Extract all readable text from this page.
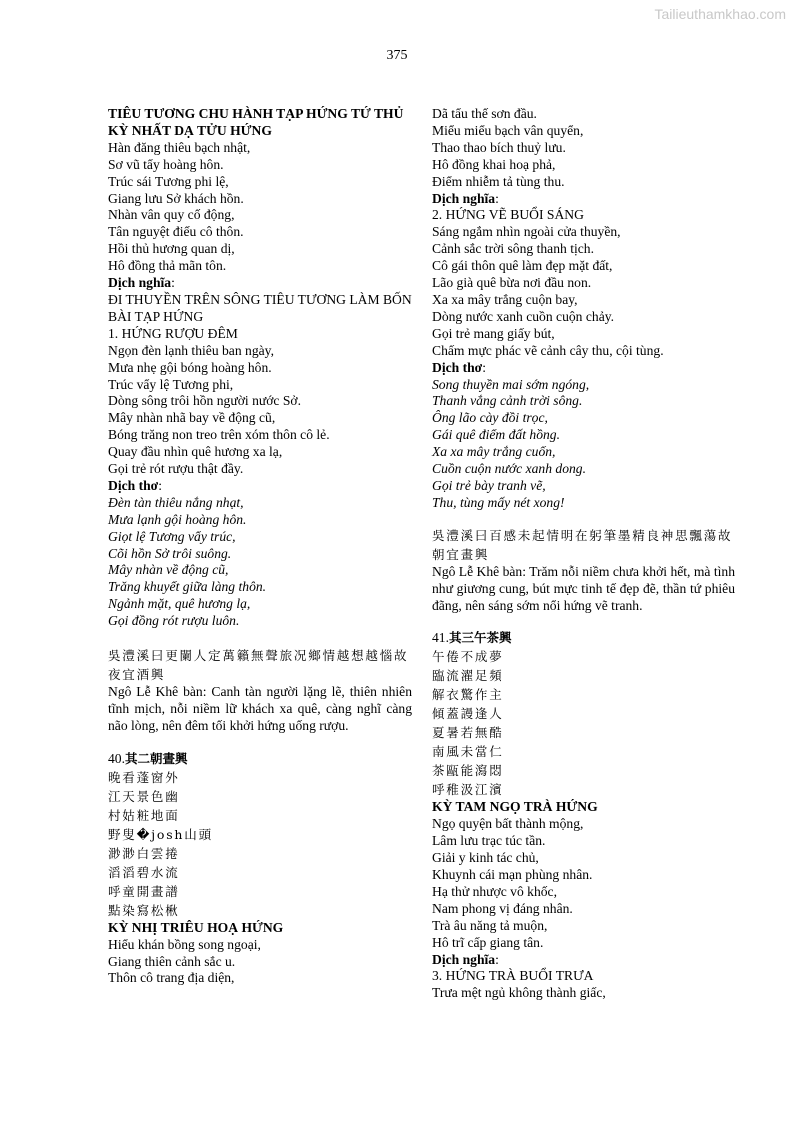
Tailieuthamkhao.com
375
TIÊU TƯƠNG CHU HÀNH TẠP HỨNG TỨ THỦ
KỲ NHẤT DẠ TỬU HỨNG
Hàn đăng thiêu bạch nhật,
Sơ vũ tẩy hoàng hôn.
Trúc sái Tương phi lệ,
Giang lưu Sở khách hồn.
Nhàn vân quy cố động,
Tân nguyệt điếu cô thôn.
Hồi thủ hương quan dị,
Hô đồng thả mãn tôn.
Dịch nghĩa:
ĐI THUYỀN TRÊN SÔNG TIÊU TƯƠNG LÀM BỐN BÀI TẠP HỨNG
1. HỨNG RƯỢU ĐÊM
Ngọn đèn lạnh thiêu ban ngày,
Mưa nhẹ gội bóng hoàng hôn.
Trúc vẩy lệ Tương phi,
Dòng sông trôi hồn người nước Sở.
Mây nhàn nhã bay về động cũ,
Bóng trăng non treo trên xóm thôn cô lẻ.
Quay đầu nhìn quê hương xa lạ,
Gọi trẻ rót rượu thật đầy.
Dịch thơ:
Đèn tàn thiêu nắng nhạt,
Mưa lạnh gội hoàng hôn.
Giọt lệ Tương vẩy trúc,
Cõi hồn Sở trôi suông.
Mây nhàn về động cũ,
Trăng khuyết giữa làng thôn.
Ngảnh mặt, quê hương lạ,
Gọi đồng rót rượu luôn.
吳澧溪曰更闌人定萬籟無聲旅况鄉情越想越惱故夜宜酒興
Ngô Lễ Khê bàn: Canh tàn người lặng lẽ, thiên nhiên tĩnh mịch, nỗi niềm lữ khách xa quê, càng nghĩ càng não lòng, nên đêm tối khởi hứng uống rượu.
40.其二朝晝興
晚看蓬窗外
江天景色幽
村姑粧地面
野叟�josh山頭
渺渺白雲捲
滔滔碧水流
呼童開畫譜
點染寫松楸
KỲ NHỊ TRIÊU HOẠ HỨNG
Hiểu khán bồng song ngoại,
Giang thiên cảnh sắc u.
Thôn cô trang địa diện,
Dã tẩu thế sơn đầu.
Miểu miểu bạch vân quyển,
Thao thao bích thuỷ lưu.
Hô đồng khai hoạ phả,
Điểm nhiễm tả tùng thu.
Dịch nghĩa:
2. HỨNG VẼ BUỔI SÁNG
Sáng ngắm nhìn ngoài cửa thuyền,
Cảnh sắc trời sông thanh tịch.
Cô gái thôn quê làm đẹp mặt đất,
Lão già quê bừa nơi đầu non.
Xa xa mây trắng cuộn bay,
Dòng nước xanh cuồn cuộn chảy.
Gọi trẻ mang giấy bút,
Chấm mực phác vẽ cảnh cây thu, cội tùng.
Dịch thơ:
Song thuyền mai sớm ngóng,
Thanh vắng cảnh trời sông.
Ông lão cày đồi trọc,
Gái quê điểm đất hồng.
Xa xa mây trắng cuốn,
Cuồn cuộn nước xanh dong.
Gọi trẻ bày tranh vẽ,
Thu, tùng mấy nét xong!
吳澧溪曰百感未起情明在躬筆墨精良神思飄蕩故朝宜畫興
Ngô Lễ Khê bàn: Trăm nỗi niềm chưa khởi hết, mà tình như giương cung, bút mực tinh tế đẹp đẽ, thần tứ phiêu đãng, nên sáng sớm nổi hứng vẽ tranh.
41.其三午茶興
午倦不成夢
臨流濯足頻
解衣驚作主
傾蓋謾逢人
夏暑若無酷
南風未當仁
茶甌能瀉悶
呼稚汲江濱
KỲ TAM NGỌ TRÀ HỨNG
Ngọ quyện bất thành mộng,
Lâm lưu trạc túc tần.
Giải y kinh tác chủ,
Khuynh cái mạn phùng nhân.
Hạ thử nhược vô khốc,
Nam phong vị đáng nhân.
Trà âu năng tả muộn,
Hô trĩ cấp giang tân.
Dịch nghĩa:
3. HỨNG TRÀ BUỔI TRƯA
Trưa mệt ngủ không thành giấc,
